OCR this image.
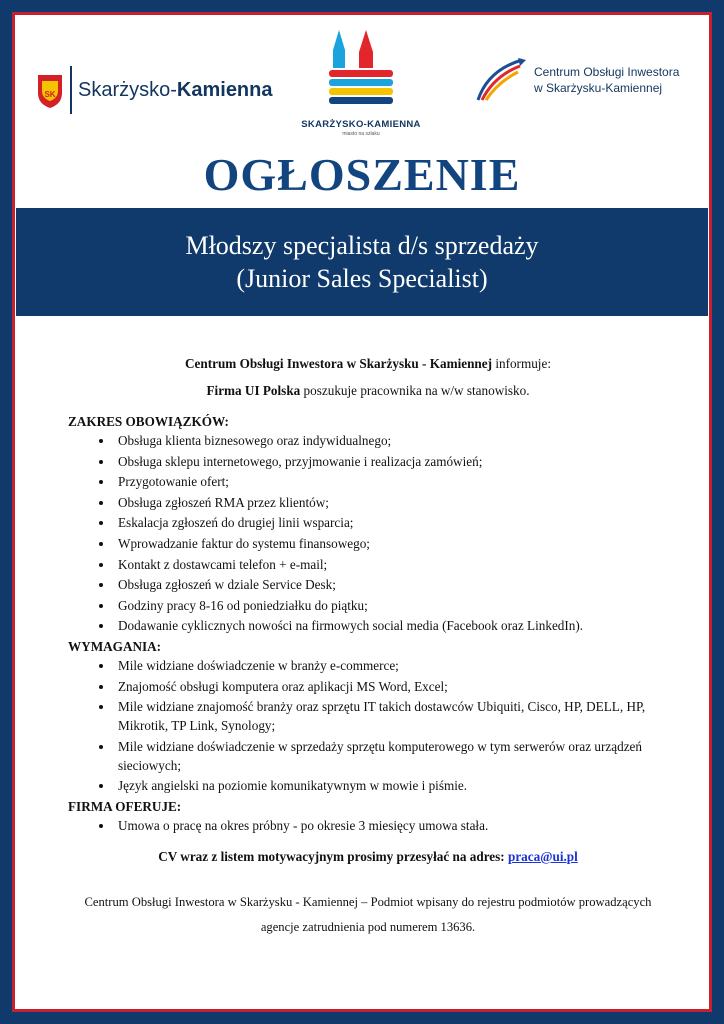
SK Skarżysko-Kamienna
SKARŻYSKO-KAMIENNA
miasto na szlaku
Centrum Obsługi Inwestora
w Skarżysku-Kamiennej
OGŁOSZENIE
Młodszy specjalista d/s sprzedaży
(Junior Sales Specialist)

Centrum Obsługi Inwestora w Skarżysku - Kamiennej informuje:

Firma UI Polska poszukuje pracownika na w/w stanowisko.

ZAKRES OBOWIĄZKÓW:

• Obsługa klienta biznesowego oraz indywidualnego;
• Obsługa sklepu internetowego, przyjmowanie i realizacja zamówień;
• Przygotowanie ofert;
• Obsługa zgłoszeń RMA przez klientów;
• Eskalacja zgłoszeń do drugiej linii wsparcia;
• Wprowadzanie faktur do systemu finansowego;
• Kontakt z dostawcami telefon + e-mail;
• Obsługa zgłoszeń w dziale Service Desk;
• Godziny pracy 8-16 od poniedziałku do piątku;
• Dodawanie cyklicznych nowości na firmowych social media (Facebook oraz LinkedIn).

WYMAGANIA:

• Mile widziane doświadczenie w branży e-commerce;
• Znajomość obsługi komputera oraz aplikacji MS Word, Excel;
• Mile widziane znajomość branży oraz sprzętu IT takich dostawców Ubiquiti, Cisco, HP, DELL, HP, Mikrotik, TP Link, Synology;
• Mile widziane doświadczenie w sprzedaży sprzętu komputerowego w tym serwerów oraz urządzeń sieciowych;
• Język angielski na poziomie komunikatywnym w mowie i piśmie.

FIRMA OFERUJE:

• Umowa o pracę na okres próbny - po okresie 3 miesięcy umowa stała.
CV wraz z listem motywacyjnym prosimy przesyłać na adres: praca@ui.pl
Centrum Obsługi Inwestora w Skarżysku - Kamiennej – Podmiot wpisany do rejestru podmiotów prowadzących
agencje zatrudnienia pod numerem 13636.
